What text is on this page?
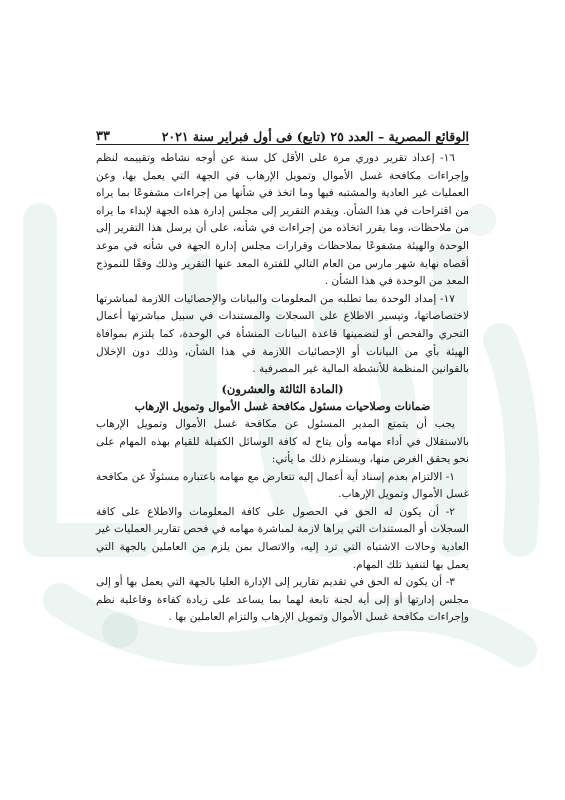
الوقائع المصرية – العدد ٢٥ (تابع) فى أول فبراير سنة ٢٠٢١
٣٣

١٦- إعداد تقرير دوري مرة على الأقل كل سنة عن أوجه نشاطه وتقييمه لنظم وإجراءات مكافحة غسل الأموال وتمويل الإرهاب في الجهة التي يعمل بها، وعن العمليات غير العادية والمشتبه فيها وما اتخذ في شأنها من إجراءات مشفوعًا بما يراه من اقتراحات في هذا الشأن. ويقدم التقرير إلى مجلس إدارة هذه الجهة لإبداء ما يراه من ملاحظات، وما يقرر اتخاذه من إجراءات في شأنه، على أن يرسل هذا التقرير إلى الوحدة والهيئة مشفوعًا بملاحظات وقرارات مجلس إدارة الجهة في شأنه في موعد أقصاه نهاية شهر مارس من العام التالي للفترة المعد عنها التقرير وذلك وفقًا للنموذج المعد من الوحدة في هذا الشأن .

١٧- إمداد الوحدة بما تطلبه من المعلومات والبيانات والإحصائيات اللازمة لمباشرتها لاختصاصاتها، وتيسير الاطلاع على السجلات والمستندات في سبيل مباشرتها أعمال التحري والفحص أو لتضمينها قاعدة البيانات المنشأة في الوحدة، كما يلتزم بموافاة الهيئة بأي من البيانات أو الإحصائيات اللازمة في هذا الشأن، وذلك دون الإخلال بالقوانين المنظمة للأنشطة المالية غير المصرفية .

(المادة الثالثة والعشرون)

ضمانات وصلاحيات مسئول مكافحة غسل الأموال وتمويل الإرهاب

يجب أن يتمتع المدير المسئول عن مكافحة غسل الأموال وتمويل الإرهاب بالاستقلال في أداء مهامه وأن يتاح له كافة الوسائل الكفيلة للقيام بهذه المهام على نحو يحقق الغرض منها، ويستلزم ذلك ما يأتي:

١- الالتزام بعدم إسناد أية أعمال إليه تتعارض مع مهامه باعتباره مسئولًا عن مكافحة غسل الأموال وتمويل الإرهاب.

٢- أن يكون له الحق في الحصول على كافة المعلومات والاطلاع على كافة السجلات أو المستندات التي يراها لازمة لمباشرة مهامه في فحص تقارير العمليات غير العادية وحالات الاشتباه التي ترد إليه، والاتصال بمن يلزم من العاملين بالجهة التي يعمل بها لتنفيذ تلك المهام.

٣- أن يكون له الحق في تقديم تقارير إلى الإدارة العليا بالجهة التي يعمل بها أو إلى مجلس إدارتها أو إلى أية لجنة تابعة لهما بما يساعد على زيادة كفاءة وفاعلية نظم وإجراءات مكافحة غسل الأموال وتمويل الإرهاب والتزام العاملين بها .
